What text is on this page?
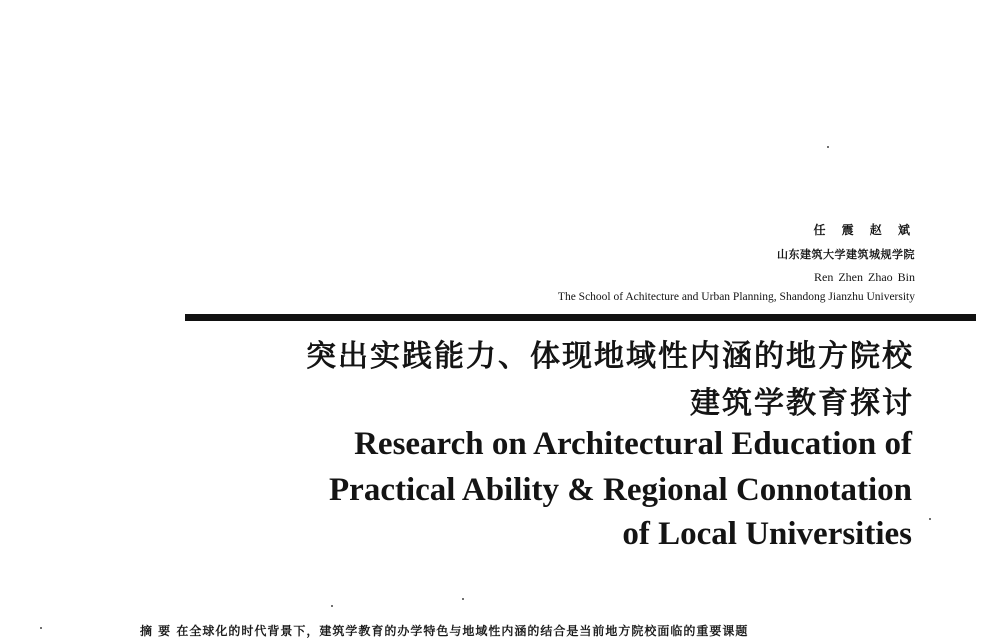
任 震 赵 斌
山东建筑大学建筑城规学院
Ren Zhen Zhao Bin
The School of Achitecture and Urban Planning, Shandong Jianzhu University
突出实践能力、体现地域性内涵的地方院校
建筑学教育探讨
Research on Architectural Education of
Practical Ability & Regional Connotation
of Local Universities
摘 要 在全球化的时代背景下，建筑学教育的办学特色与地域性内涵的结合是当前地方院校面临的重要课题
